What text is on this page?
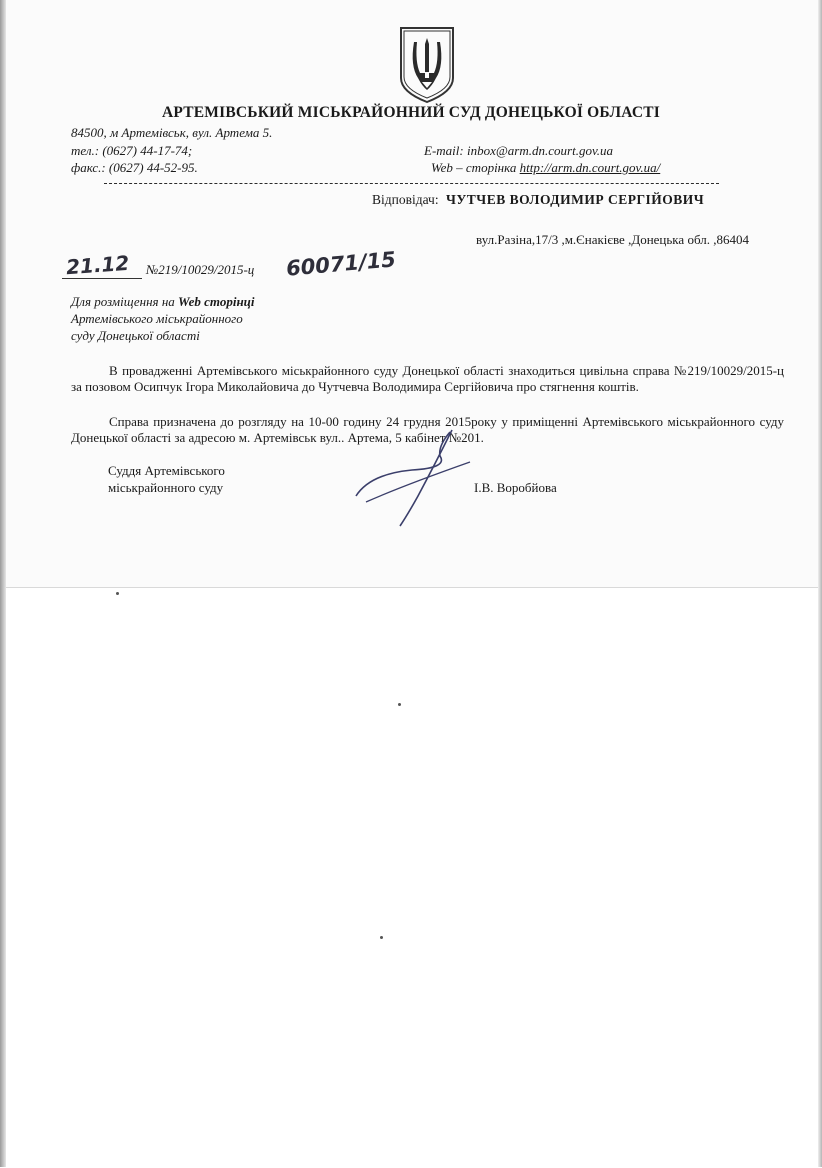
АРТЕМІВСЬКИЙ МІСЬКРАЙОННИЙ СУД ДОНЕЦЬКОЇ ОБЛАСТІ
84500, м Артемівськ, вул. Артема 5.
тел.: (0627) 44-17-74;
факс.: (0627) 44-52-95.
E-mail: inbox@arm.dn.court.gov.ua
Web – сторінка http://arm.dn.court.gov.ua/
Відповідач: ЧУТЧЕВ ВОЛОДИМИР СЕРГІЙОВИЧ
вул.Разіна,17/3 ,м.Єнакієве ,Донецька обл. ,86404
21.12 №219/10029/2015-ц 60071/15
Для розміщення на Web сторінці
Артемівського міськрайонного
суду Донецької області
В провадженні Артемівського міськрайонного суду Донецької області знаходиться цивільна справа №219/10029/2015-ц за позовом Осипчук Ігора Миколайовича до Чутчевча Володимира Сергійовича про стягнення коштів.
Справа призначена до розгляду на 10-00 годину 24 грудня 2015року у приміщенні Артемівського міськрайонного суду Донецької області за адресою м. Артемівськ вул.. Артема, 5 кабінет №201.
Суддя Артемівського
міськрайонного суду	І.В. Воробйова
